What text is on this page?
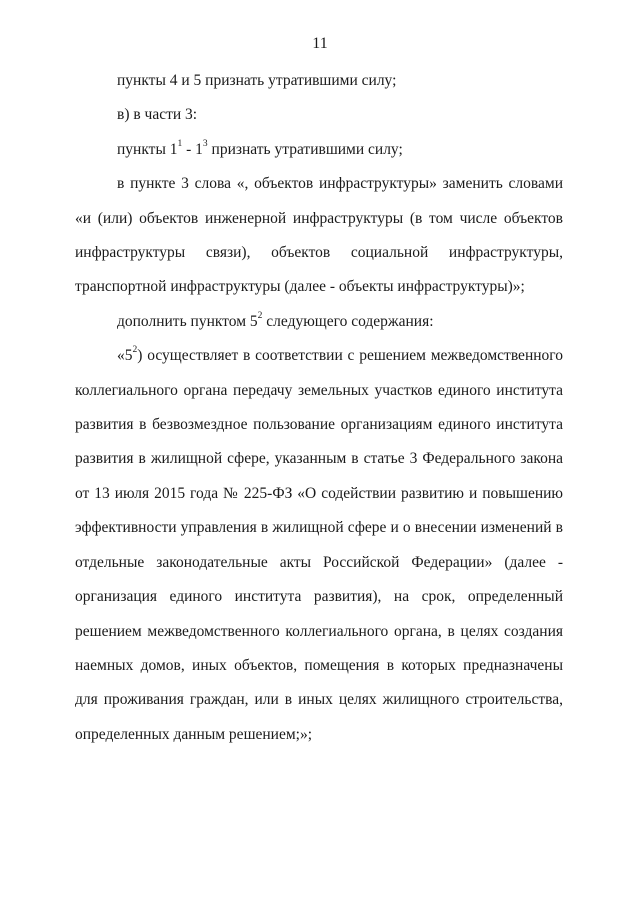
11

пункты 4 и 5 признать утратившими силу;

в) в части 3:

пункты $1^1 - 1^3$ признать утратившими силу;

в пункте 3 слова «, объектов инфраструктуры» заменить словами «и (или) объектов инженерной инфраструктуры (в том числе объектов инфраструктуры связи), объектов социальной инфраструктуры, транспортной инфраструктуры (далее - объекты инфраструктуры)»;

дополнить пунктом $5^2$ следующего содержания:

«$5^2$) осуществляет в соответствии с решением межведомственного коллегиального органа передачу земельных участков единого института развития в безвозмездное пользование организациям единого института развития в жилищной сфере, указанным в статье 3 Федерального закона от 13 июля 2015 года № 225-ФЗ «О содействии развитию и повышению эффективности управления в жилищной сфере и о внесении изменений в отдельные законодательные акты Российской Федерации» (далее - организация единого института развития), на срок, определенный решением межведомственного коллегиального органа, в целях создания наемных домов, иных объектов, помещения в которых предназначены для проживания граждан, или в иных целях жилищного строительства, определенных данным решением;»;
